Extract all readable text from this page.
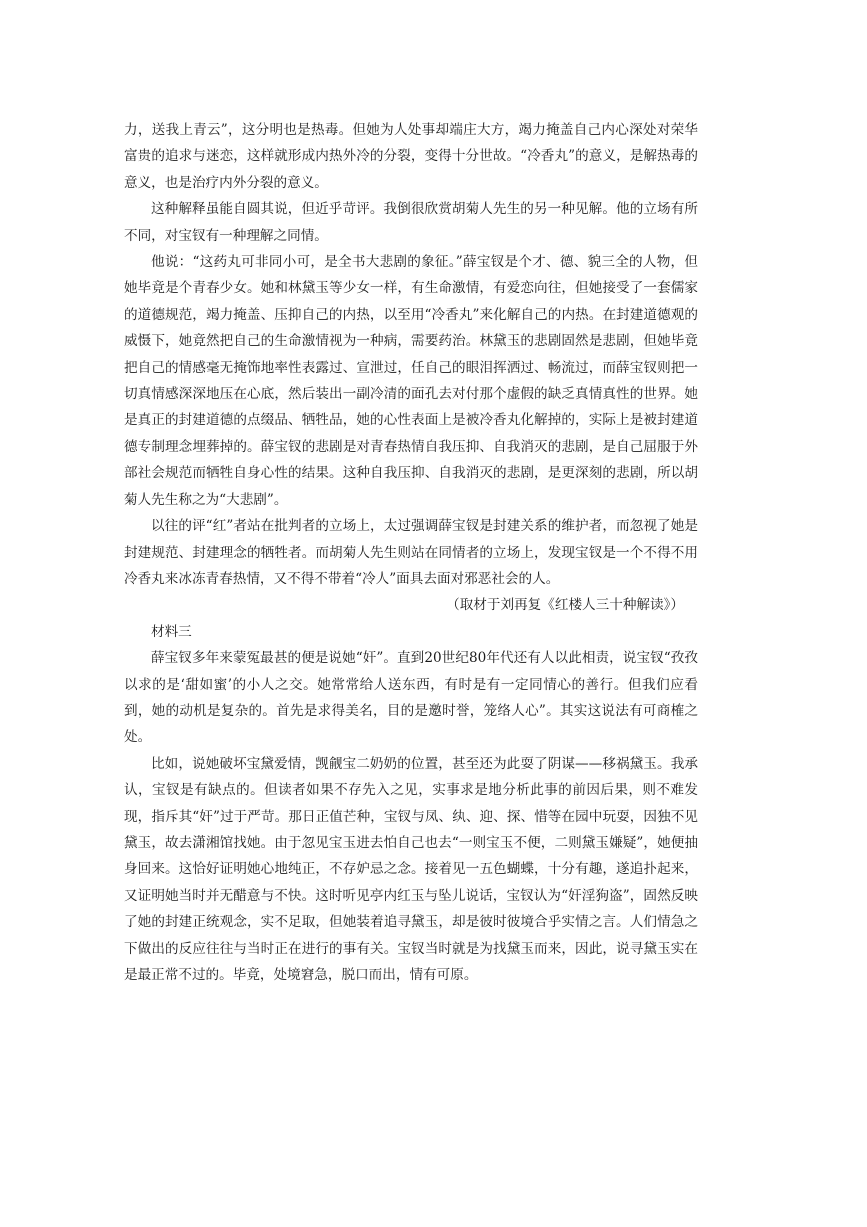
力，送我上青云”，这分明也是热毒。但她为人处事却端庄大方，竭力掩盖自己内心深处对荣华富贵的追求与迷恋，这样就形成内热外冷的分裂，变得十分世故。“冷香丸”的意义，是解热毒的意义，也是治疗内外分裂的意义。

这种解释虽能自圆其说，但近乎苛评。我倒很欣赏胡菊人先生的另一种见解。他的立场有所不同，对宝钗有一种理解之同情。

他说：“这药丸可非同小可，是全书大悲剧的象征。”薛宝钗是个才、德、貌三全的人物，但她毕竟是个青春少女。她和林黛玉等少女一样，有生命激情，有爱恋向往，但她接受了一套儒家的道德规范，竭力掩盖、压抑自己的内热，以至用“冷香丸”来化解自己的内热。在封建道德观的威慑下，她竟然把自己的生命激情视为一种病，需要药治。林黛玉的悲剧固然是悲剧，但她毕竟把自己的情感毫无掩饰地率性表露过、宣泄过，任自己的眼泪挥洒过、畅流过，而薛宝钗则把一切真情感深深地压在心底，然后装出一副冷清的面孔去对付那个虚假的缺乏真情真性的世界。她是真正的封建道德的点缀品、牺牲品，她的心性表面上是被冷香丸化解掉的，实际上是被封建道德专制理念埋葬掉的。薛宝钗的悲剧是对青春热情自我压抑、自我消灭的悲剧，是自己屈服于外部社会规范而牺牲自身心性的结果。这种自我压抑、自我消灭的悲剧，是更深刻的悲剧，所以胡菊人先生称之为“大悲剧”。

以往的评“红”者站在批判者的立场上，太过强调薛宝钗是封建关系的维护者，而忽视了她是封建规范、封建理念的牺牲者。而胡菊人先生则站在同情者的立场上，发现宝钗是一个不得不用冷香丸来冰冻青春热情，又不得不带着“冷人”面具去面对邪恶社会的人。

（取材于刘再复《红楼人三十种解读》）

材料三

薛宝钗多年来蒙冤最甚的便是说她“奸”。直到20世纪80年代还有人以此相责，说宝钗“孜孜以求的是‘甜如蜜’的小人之交。她常常给人送东西，有时是有一定同情心的善行。但我们应看到，她的动机是复杂的。首先是求得美名，目的是邀时誉，笼络人心”。其实这说法有可商榷之处。

比如，说她破坏宝黛爱情，觊觎宝二奶奶的位置，甚至还为此耍了阴谋——移祸黛玉。我承认，宝钗是有缺点的。但读者如果不存先入之见，实事求是地分析此事的前因后果，则不难发现，指斥其“奸”过于严苛。那日正值芒种，宝钗与凤、纨、迎、探、惜等在园中玩耍，因独不见黛玉，故去潇湘馆找她。由于忽见宝玉进去怕自己也去“一则宝玉不便，二则黛玉嫌疑”，她便抽身回来。这恰好证明她心地纯正，不存妒忌之念。接着见一五色蝴蝶，十分有趣，遂追扑起来，又证明她当时并无醋意与不快。这时听见亭内红玉与坠儿说话，宝钗认为“奸淫狗盗”，固然反映了她的封建正统观念，实不足取，但她装着追寻黛玉，却是彼时彼境合乎实情之言。人们情急之下做出的反应往往与当时正在进行的事有关。宝钗当时就是为找黛玉而来，因此，说寻黛玉实在是最正常不过的。毕竟，处境窘急，脱口而出，情有可原。
